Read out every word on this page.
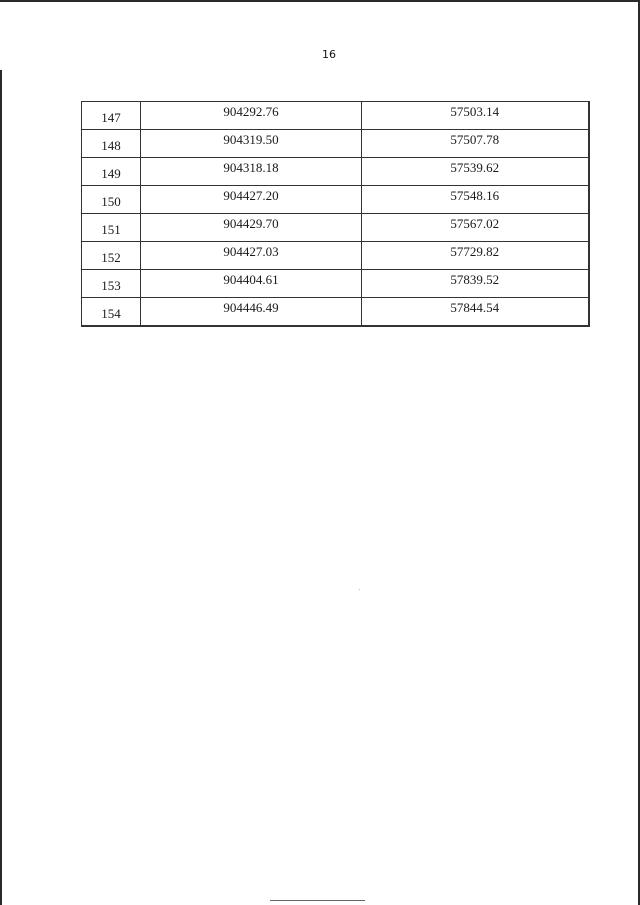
16
147	904292.76	57503.14
148	904319.50	57507.78
149	904318.18	57539.62
150	904427.20	57548.16
151	904429.70	57567.02
152	904427.03	57729.82
153	904404.61	57839.52
154	904446.49	57844.54
